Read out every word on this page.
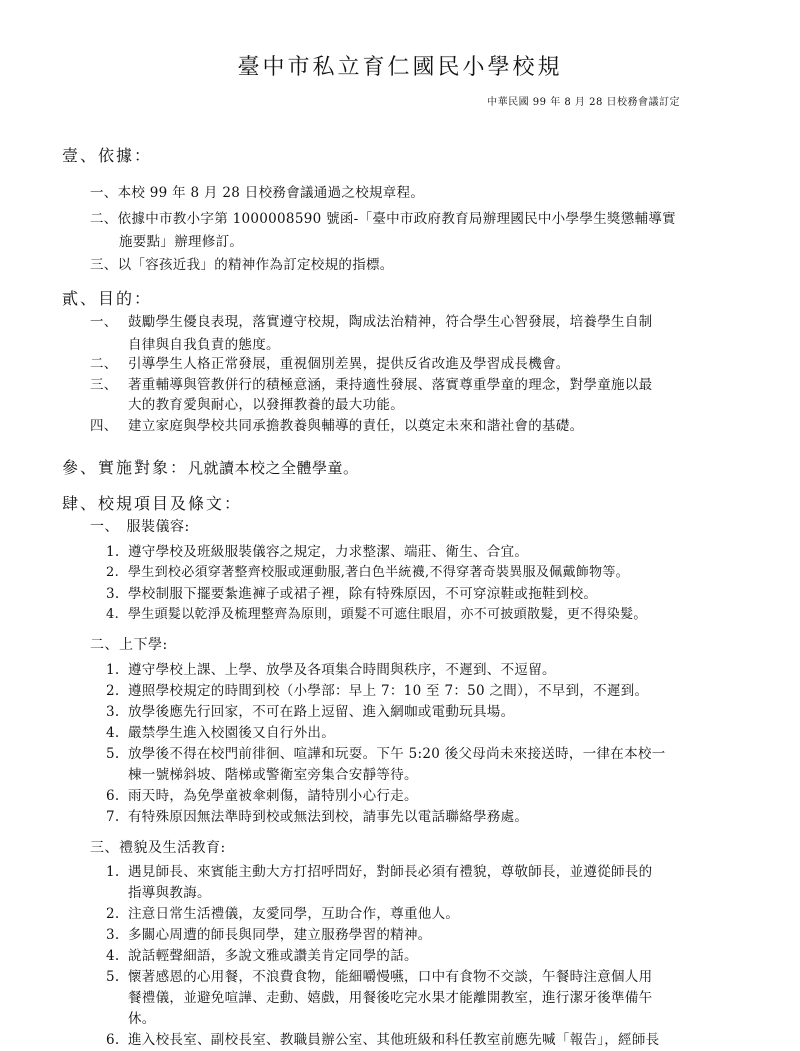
臺中市私立育仁國民小學校規
中華民國 99 年 8 月 28 日校務會議訂定
壹、依據：
一、本校 99 年 8 月 28 日校務會議通過之校規章程。
二、依據中市教小字第 1000008590 號函-「臺中市政府教育局辦理國民中小學學生獎懲輔導實
施要點」辦理修訂。
三、以「容孩近我」的精神作為訂定校規的指標。
貳、目的：
一、 鼓勵學生優良表現，落實遵守校規，陶成法治精神，符合學生心智發展，培養學生自制
自律與自我負責的態度。
二、 引導學生人格正常發展，重視個別差異，提供反省改進及學習成長機會。
三、 著重輔導與管教併行的積極意涵，秉持適性發展、落實尊重學童的理念，對學童施以最
大的教育愛與耐心，以發揮教養的最大功能。
四、 建立家庭與學校共同承擔教養與輔導的責任，以奠定未來和諧社會的基礎。
參、實施對象：凡就讀本校之全體學童。
肆、校規項目及條文：
一、　服裝儀容:
1. 遵守學校及班級服裝儀容之規定，力求整潔、端莊、衛生、合宜。
2. 學生到校必須穿著整齊校服或運動服,著白色半統襪,不得穿著奇裝異服及佩戴飾物等。
3. 學校制服下擺要紮進褲子或裙子裡，除有特殊原因，不可穿涼鞋或拖鞋到校。
4. 學生頭髮以乾淨及梳理整齊為原則，頭髮不可遮住眼眉，亦不可披頭散髮，更不得染髮。
二、上下學:
1. 遵守學校上課、上學、放學及各項集合時間與秩序，不遲到、不逗留。
2. 遵照學校規定的時間到校（小學部：早上 7：10 至 7：50 之間），不早到，不遲到。
3. 放學後應先行回家，不可在路上逗留、進入網咖或電動玩具場。
4. 嚴禁學生進入校園後又自行外出。
5. 放學後不得在校門前徘徊、喧譁和玩耍。下午 5:20 後父母尚未來接送時，一律在本校一
棟一號梯斜坡、階梯或警衛室旁集合安靜等待。
6. 雨天時，為免學童被傘刺傷，請特別小心行走。
7. 有特殊原因無法準時到校或無法到校，請事先以電話聯絡學務處。
三、禮貌及生活教育:
1. 遇見師長、來賓能主動大方打招呼問好，對師長必須有禮貌，尊敬師長，並遵從師長的
指導與教誨。
2. 注意日常生活禮儀，友愛同學，互助合作，尊重他人。
3. 多關心周遭的師長與同學，建立服務學習的精神。
4. 說話輕聲細語，多說文雅或讚美肯定同學的話。
5. 懷著感恩的心用餐，不浪費食物，能細嚼慢嚥，口中有食物不交談，午餐時注意個人用
餐禮儀，並避免喧譁、走動、嬉戲，用餐後吃完水果才能離開教室，進行潔牙後準備午
休。
6. 進入校長室、副校長室、教職員辦公室、其他班級和科任教室前應先喊「報告」，經師長
